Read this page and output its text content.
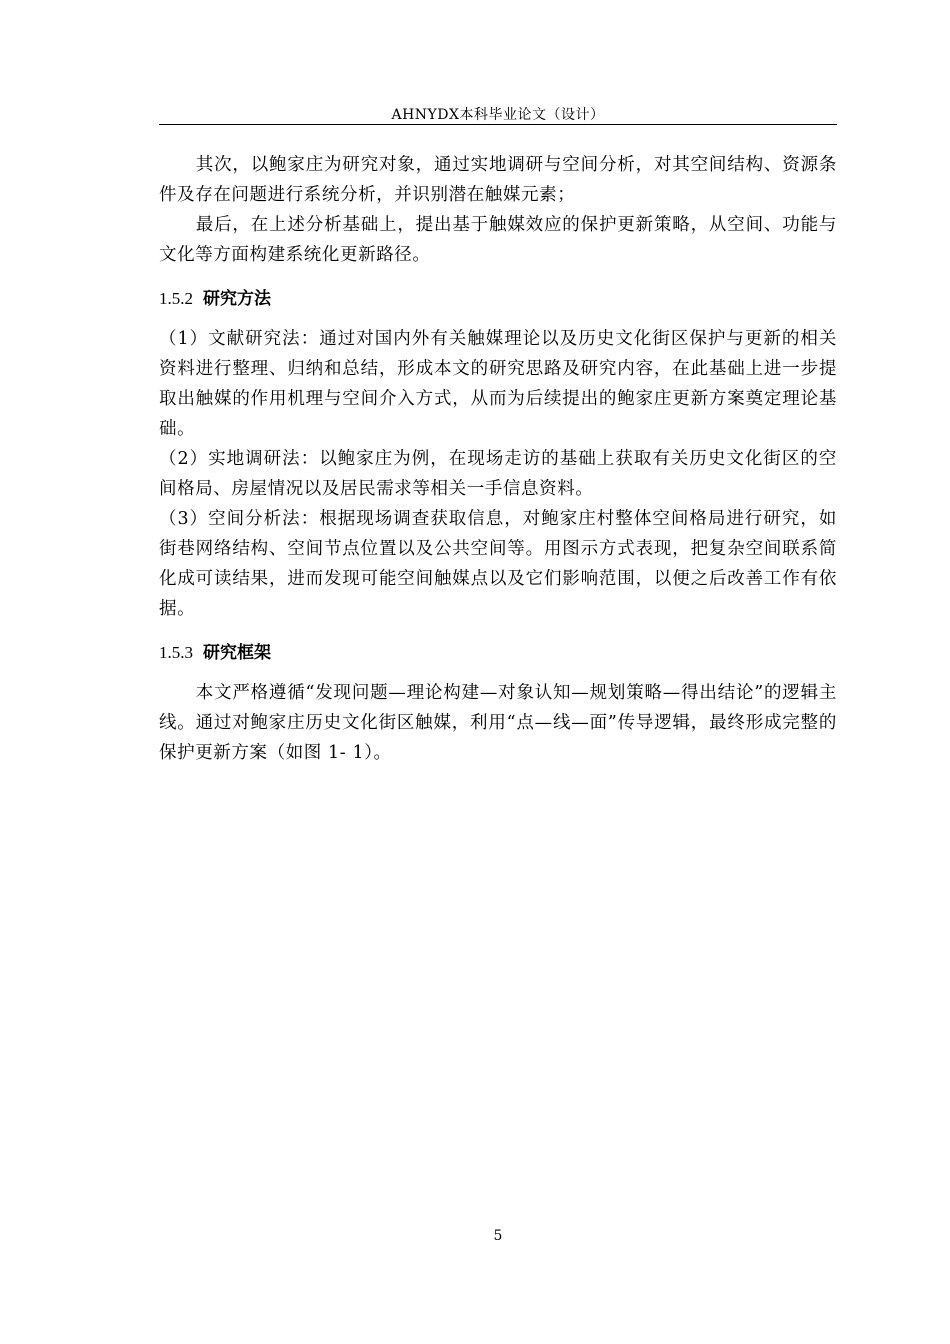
AHNYDX本科毕业论文（设计）

其次，以鲍家庄为研究对象，通过实地调研与空间分析，对其空间结构、资源条件及存在问题进行系统分析，并识别潜在触媒元素；

最后，在上述分析基础上，提出基于触媒效应的保护更新策略，从空间、功能与文化等方面构建系统化更新路径。

1.5.2 研究方法

（1）文献研究法：通过对国内外有关触媒理论以及历史文化街区保护与更新的相关资料进行整理、归纳和总结，形成本文的研究思路及研究内容，在此基础上进一步提取出触媒的作用机理与空间介入方式，从而为后续提出的鲍家庄更新方案奠定理论基础。

（2）实地调研法：以鲍家庄为例，在现场走访的基础上获取有关历史文化街区的空间格局、房屋情况以及居民需求等相关一手信息资料。

（3）空间分析法：根据现场调查获取信息，对鲍家庄村整体空间格局进行研究，如街巷网络结构、空间节点位置以及公共空间等。用图示方式表现，把复杂空间联系简化成可读结果，进而发现可能空间触媒点以及它们影响范围，以便之后改善工作有依据。

1.5.3 研究框架

本文严格遵循“发现问题—理论构建—对象认知—规划策略—得出结论”的逻辑主线。通过对鲍家庄历史文化街区触媒，利用“点—线—面”传导逻辑，最终形成完整的保护更新方案（如图 1- 1）。

5
